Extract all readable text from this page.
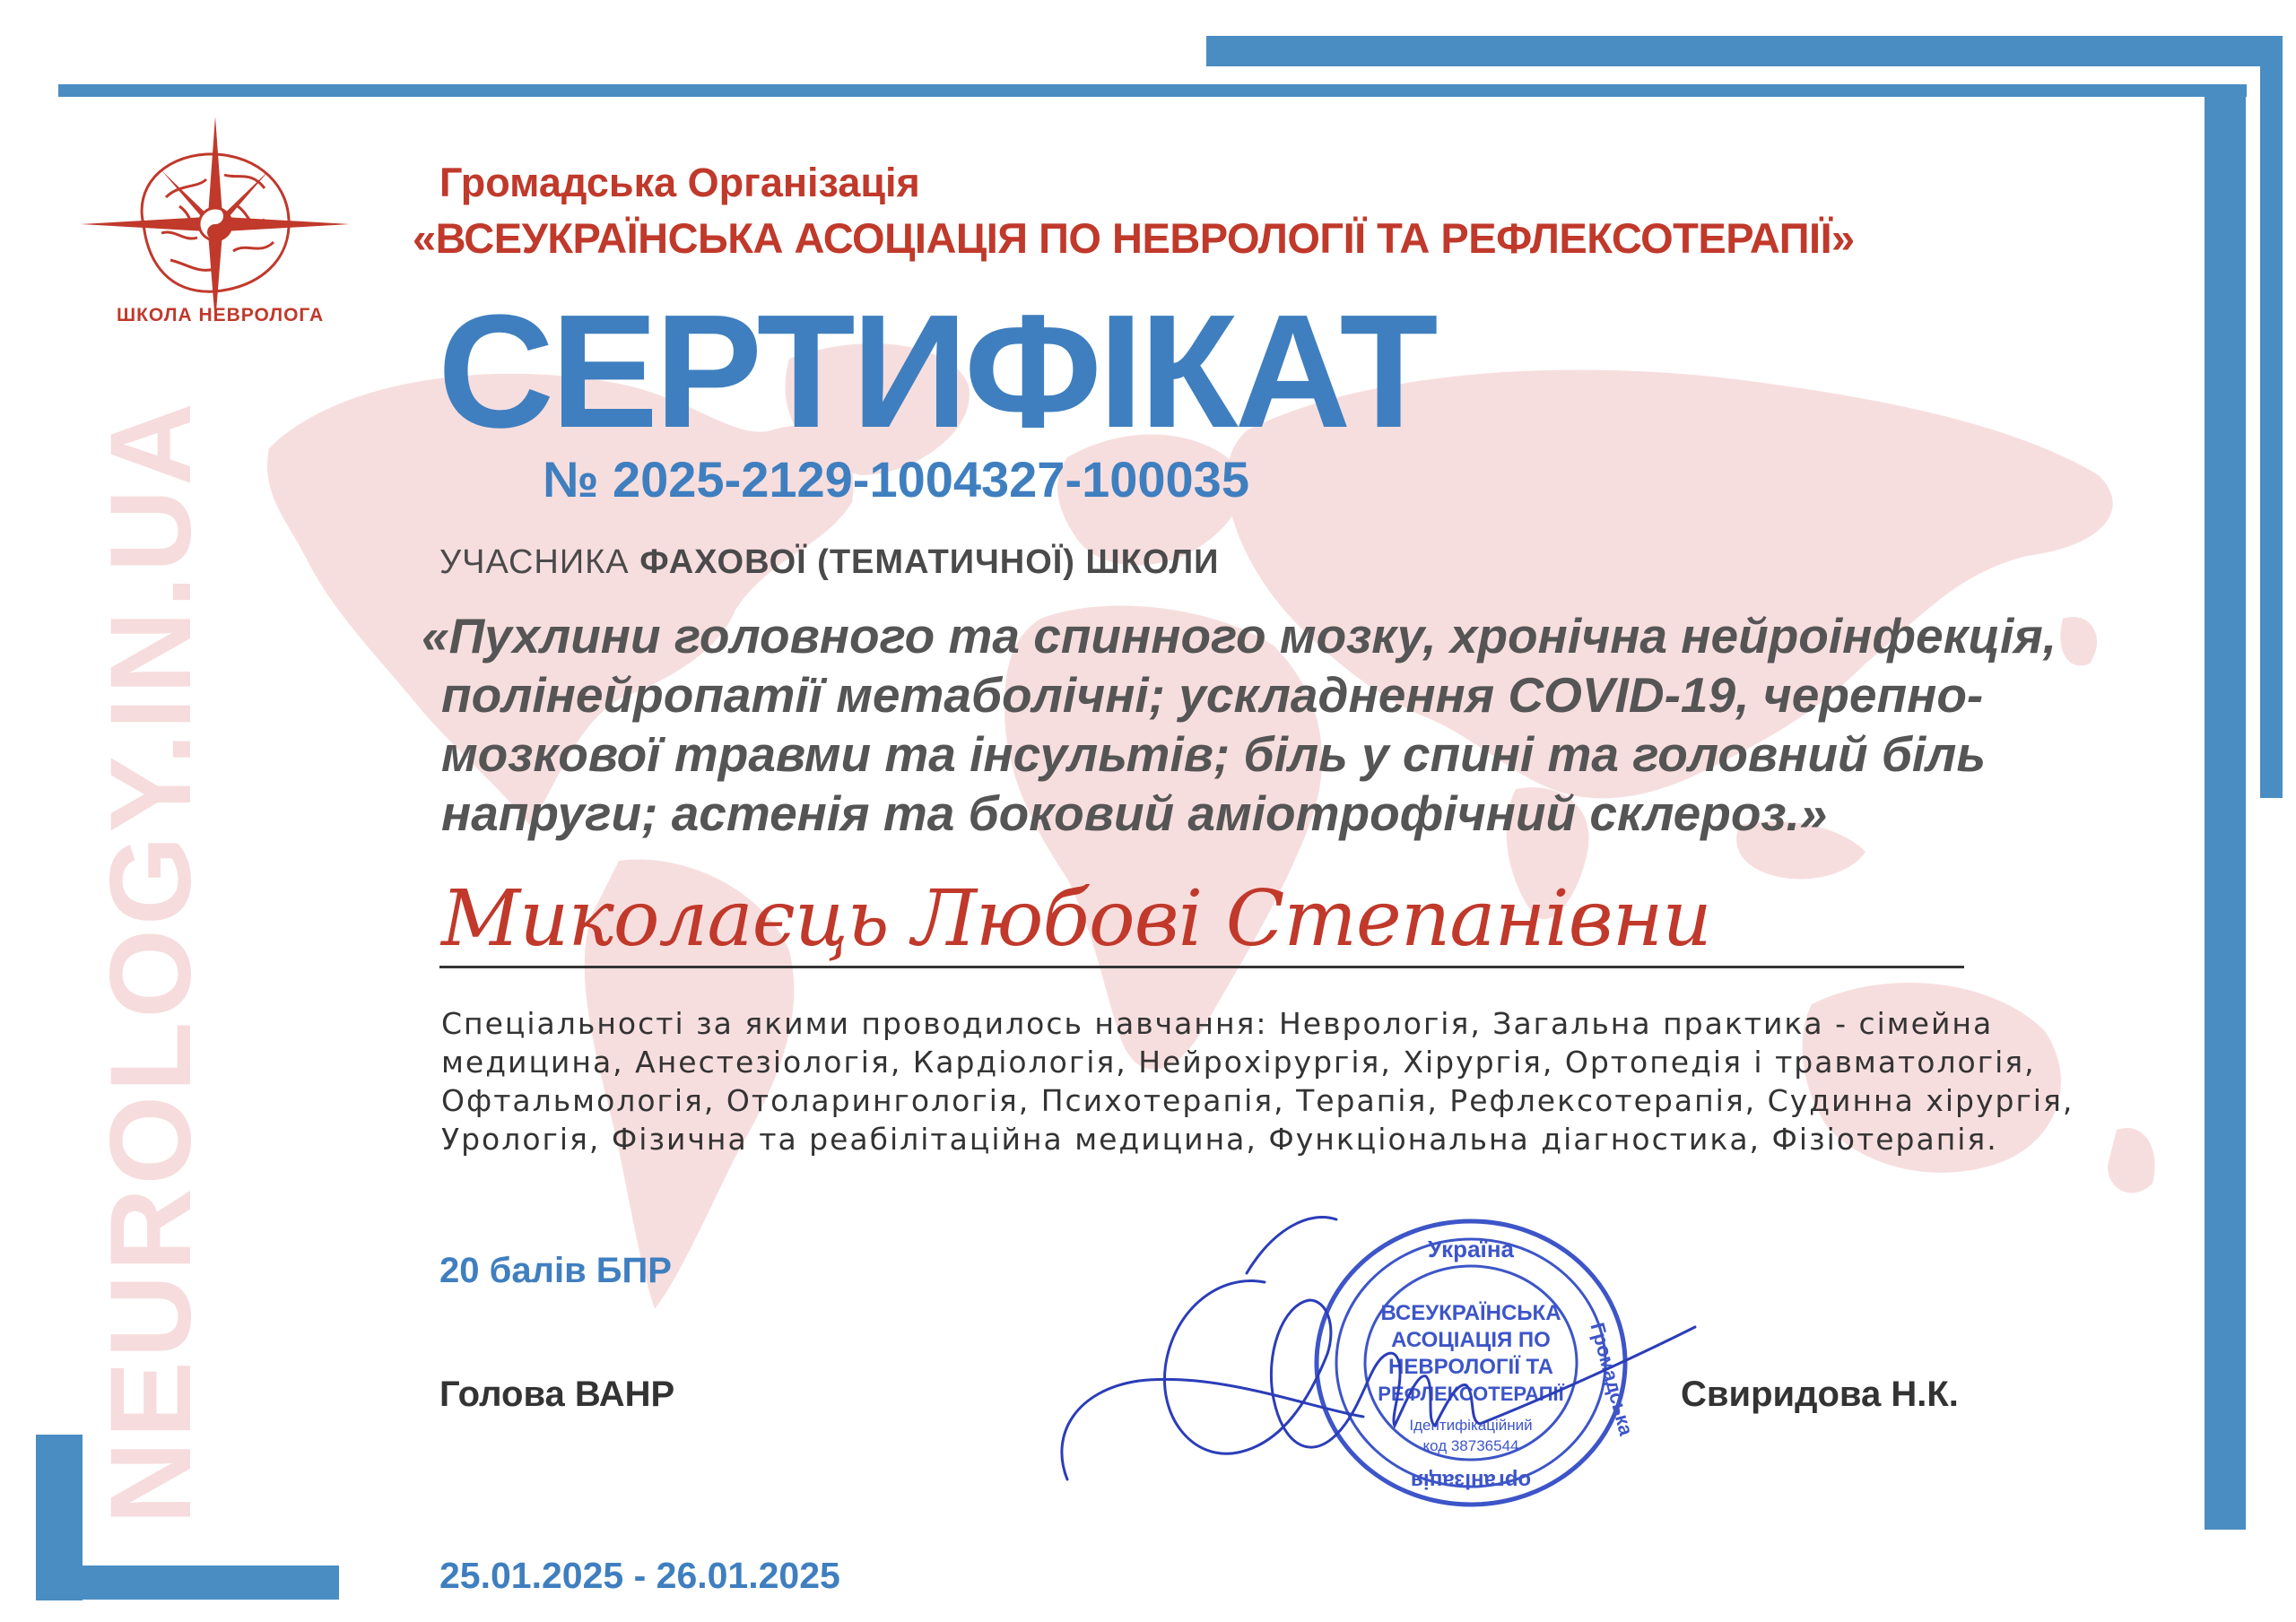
NEUROLOGY.IN.UA
ШКОЛА НЕВРОЛОГА
Громадська Організація
«ВСЕУКРАЇНСЬКА АСОЦІАЦІЯ ПО НЕВРОЛОГІЇ ТА РЕФЛЕКСОТЕРАПІЇ»
СЕРТИФІКАТ
№ 2025-2129-1004327-100035
УЧАСНИКА ФАХОВОЇ (ТЕМАТИЧНОЇ) ШКОЛИ
«Пухлини головного та спинного мозку, хронічна нейроінфекція,
полінейропатії метаболічні; ускладнення COVID-19, черепно-
мозкової травми та інсультів; біль у спині та головний біль
напруги; астенія та боковий аміотрофічний склероз.»
Миколаєць Любові Степанівни
Спеціальності за якими проводилось навчання: Неврологія, Загальна практика - сімейна
медицина, Анестезіологія, Кардіологія, Нейрохірургія, Хірургія, Ортопедія і травматологія,
Офтальмологія, Отоларингологія, Психотерапія, Терапія, Рефлексотерапія, Судинна хірургія,
Урологія, Фізична та реабілітаційна медицина, Функціональна діагностика, Фізіотерапія.
20 балів БПР
Голова ВАНР	Свиридова Н.К.
25.01.2025 - 26.01.2025
Україна
організація
Громадська
ВСЕУКРАЇНСЬКА
АСОЦІАЦІЯ ПО
НЕВРОЛОГІЇ ТА
РЕФЛЕКСОТЕРАПІЇ
Ідентифікаційний
код 38736544
